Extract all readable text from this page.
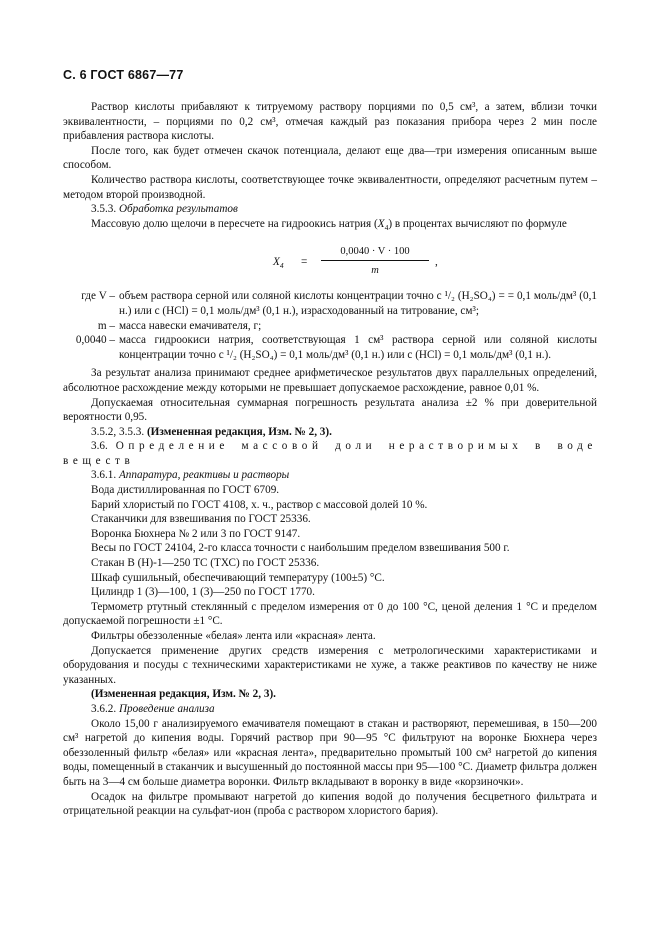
С. 6 ГОСТ 6867—77

Раствор кислоты прибавляют к титруемому раствору порциями по 0,5 см³, а затем, вблизи точки эквивалентности, – порциями по 0,2 см³, отмечая каждый раз показания прибора через 2 мин после прибавления раствора кислоты.

После того, как будет отмечен скачок потенциала, делают еще два—три измерения описанным выше способом.

Количество раствора кислоты, соответствующее точке эквивалентности, определяют расчетным путем – методом второй производной.

3.5.3. Обработка результатов

Массовую долю щелочи в пересчете на гидроокись натрия $(X_4)$ в процентах вычисляют по формуле

$X_4$ =
0,0040 · V · 100
m
,
где V – объем раствора серной или соляной кислоты концентрации точно c ¹/₂ (H₂SO₄) = = 0,1 моль/дм³ (0,1 н.) или c (HCl) = 0,1 моль/дм³ (0,1 н.), израсходованный на титрование, см³;
m – масса навески емачивателя, г;
0,0040 – масса гидроокиси натрия, соответствующая 1 см³ раствора серной или соляной кислоты концентрации точно c ¹/₂ (H₂SO₄) = 0,1 моль/дм³ (0,1 н.) или c (HCl) = 0,1 моль/дм³ (0,1 н.).

За результат анализа принимают среднее арифметическое результатов двух параллельных определений, абсолютное расхождение между которыми не превышает допускаемое расхождение, равное 0,01 %.

Допускаемая относительная суммарная погрешность результата анализа ±2 % при доверительной вероятности 0,95.

3.5.2, 3.5.3. (Измененная редакция, Изм. № 2, 3).

3.6. Определение массовой доли нерастворимых в воде веществ

3.6.1. Аппаратура, реактивы и растворы

Вода дистиллированная по ГОСТ 6709.

Барий хлористый по ГОСТ 4108, х. ч., раствор с массовой долей 10 %.

Стаканчики для взвешивания по ГОСТ 25336.

Воронка Бюхнера № 2 или 3 по ГОСТ 9147.

Весы по ГОСТ 24104, 2-го класса точности с наибольшим пределом взвешивания 500 г.

Стакан В (Н)-1—250 ТС (ТХС) по ГОСТ 25336.

Шкаф сушильный, обеспечивающий температуру (100±5) °С.

Цилиндр 1 (3)—100, 1 (3)—250 по ГОСТ 1770.

Термометр ртутный стеклянный с пределом измерения от 0 до 100 °С, ценой деления 1 °С и пределом допускаемой погрешности ±1 °С.

Фильтры обеззоленные «белая» лента или «красная» лента.

Допускается применение других средств измерения с метрологическими характеристиками и оборудования и посуды с техническими характеристиками не хуже, а также реактивов по качеству не ниже указанных.

(Измененная редакция, Изм. № 2, 3).

3.6.2. Проведение анализа

Около 15,00 г анализируемого емачивателя помещают в стакан и растворяют, перемешивая, в 150—200 см³ нагретой до кипения воды. Горячий раствор при 90—95 °С фильтруют на воронке Бюхнера через обеззоленный фильтр «белая» или «красная лента», предварительно промытый 100 см³ нагретой до кипения воды, помещенный в стаканчик и высушенный до постоянной массы при 95—100 °С. Диаметр фильтра должен быть на 3—4 см больше диаметра воронки. Фильтр вкладывают в воронку в виде «корзиночки».

Осадок на фильтре промывают нагретой до кипения водой до получения бесцветного фильтрата и отрицательной реакции на сульфат-ион (проба с раствором хлористого бария).
